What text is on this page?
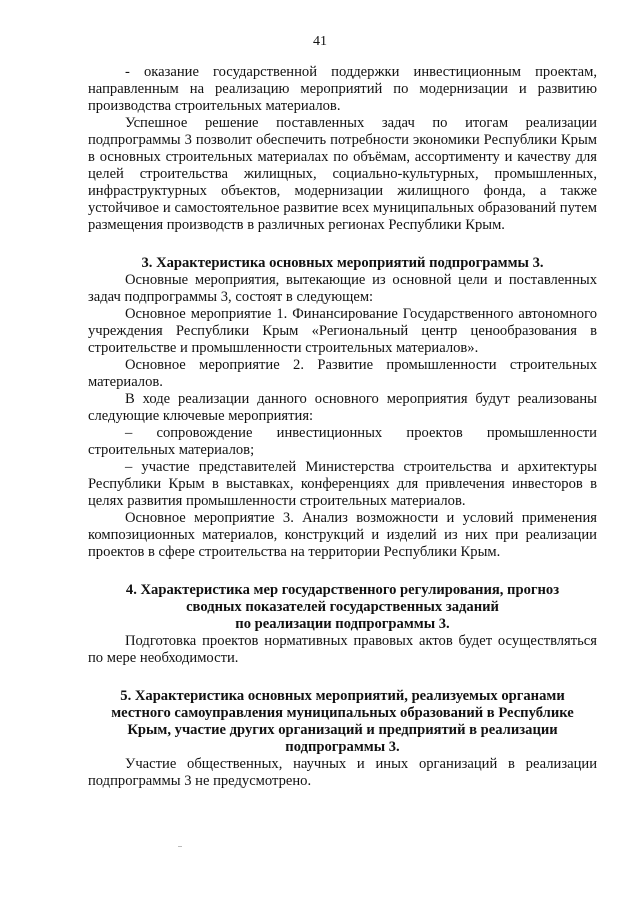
41

- оказание государственной поддержки инвестиционным проектам, направленным на реализацию мероприятий по модернизации и развитию производства строительных материалов.

Успешное решение поставленных задач по итогам реализации подпрограммы 3 позволит обеспечить потребности экономики Республики Крым в основных строительных материалах по объёмам, ассортименту и качеству для целей строительства жилищных, социально-культурных, промышленных, инфраструктурных объектов, модернизации жилищного фонда, а также устойчивое и самостоятельное развитие всех муниципальных образований путем размещения производств в различных регионах Республики Крым.

3. Характеристика основных мероприятий подпрограммы 3.

Основные мероприятия, вытекающие из основной цели и поставленных задач подпрограммы 3, состоят в следующем:

Основное мероприятие 1. Финансирование Государственного автономного учреждения Республики Крым «Региональный центр ценообразования в строительстве и промышленности строительных материалов».

Основное мероприятие 2. Развитие промышленности строительных материалов.

В ходе реализации данного основного мероприятия будут реализованы следующие ключевые мероприятия:

– сопровождение инвестиционных проектов промышленности строительных материалов;

– участие представителей Министерства строительства и архитектуры Республики Крым в выставках, конференциях для привлечения инвесторов в целях развития промышленности строительных материалов.

Основное мероприятие 3. Анализ возможности и условий применения композиционных материалов, конструкций и изделий из них при реализации проектов в сфере строительства на территории Республики Крым.

4. Характеристика мер государственного регулирования, прогноз
сводных показателей государственных заданий
по реализации подпрограммы 3.

Подготовка проектов нормативных правовых актов будет осуществляться по мере необходимости.

5. Характеристика основных мероприятий, реализуемых органами
местного самоуправления муниципальных образований в Республике
Крым, участие других организаций и предприятий в реализации
подпрограммы 3.

Участие общественных, научных и иных организаций в реализации подпрограммы 3 не предусмотрено.
